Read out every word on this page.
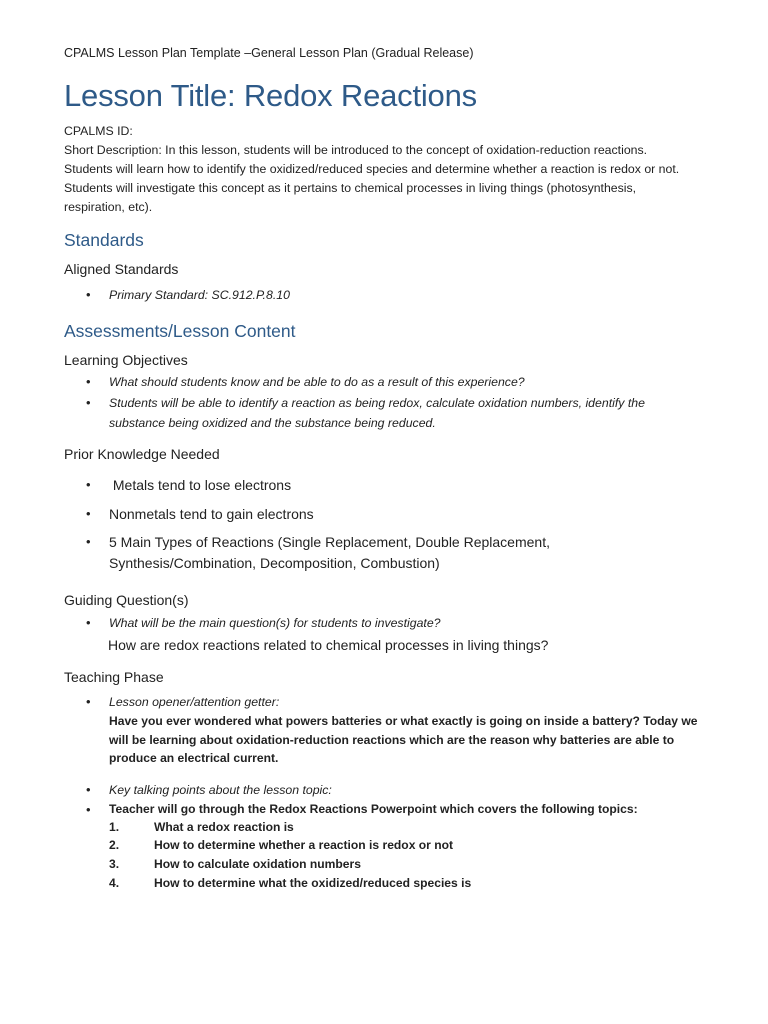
CPALMS Lesson Plan Template –General Lesson Plan (Gradual Release)
Lesson Title: Redox Reactions
CPALMS ID:
Short Description: In this lesson, students will be introduced to the concept of oxidation-reduction reactions.
Students will learn how to identify the oxidized/reduced species and determine whether a reaction is redox or not.
Students will investigate this concept as it pertains to chemical processes in living things (photosynthesis,
respiration, etc).
Standards
Aligned Standards
• Primary Standard: SC.912.P.8.10
Assessments/Lesson Content
Learning Objectives
• What should students know and be able to do as a result of this experience?
• Students will be able to identify a reaction as being redox, calculate oxidation numbers, identify the
substance being oxidized and the substance being reduced.
Prior Knowledge Needed
• Metals tend to lose electrons
• Nonmetals tend to gain electrons
• 5 Main Types of Reactions (Single Replacement, Double Replacement,
Synthesis/Combination, Decomposition, Combustion)
Guiding Question(s)
• What will be the main question(s) for students to investigate?
How are redox reactions related to chemical processes in living things?
Teaching Phase
• Lesson opener/attention getter:
Have you ever wondered what powers batteries or what exactly is going on inside a battery? Today we
will be learning about oxidation-reduction reactions which are the reason why batteries are able to
produce an electrical current.
• Key talking points about the lesson topic:
• Teacher will go through the Redox Reactions Powerpoint which covers the following topics:
1.	What a redox reaction is
2.	How to determine whether a reaction is redox or not
3.	How to calculate oxidation numbers
4.	How to determine what the oxidized/reduced species is
